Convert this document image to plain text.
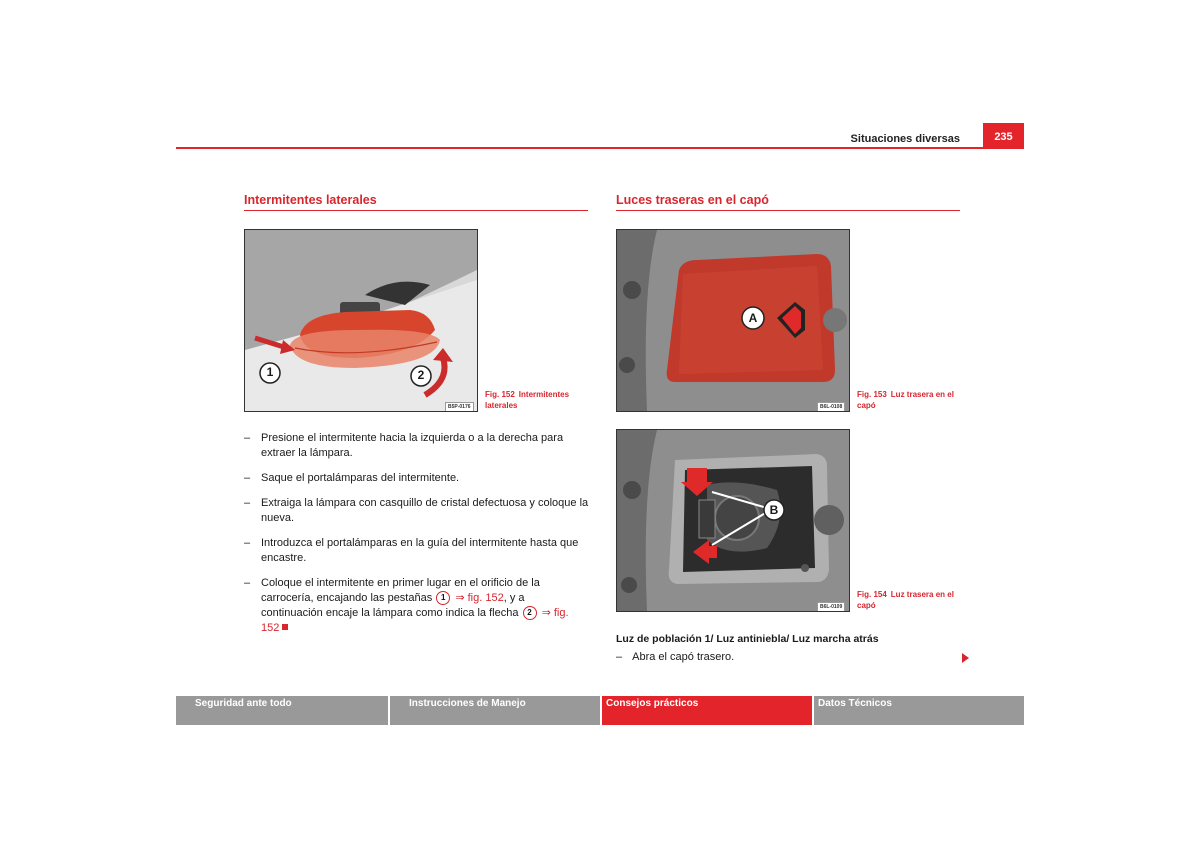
Situaciones diversas	235
Intermitentes laterales
1	2
B5P-0176
Fig. 152 Intermitentes laterales
– Presione el intermitente hacia la izquierda o a la derecha para extraer la lámpara.
– Saque el portalámparas del intermitente.
– Extraiga la lámpara con casquillo de cristal defectuosa y coloque la nueva.
– Introduzca el portalámparas en la guía del intermitente hasta que encastre.
– Coloque el intermitente en primer lugar en el orificio de la carrocería, encajando las pestañas 1 ⇒ fig. 152, y a continuación encaje la lámpara como indica la flecha 2 ⇒ fig. 152
Luces traseras en el capó
A
B6L-0108
Fig. 153 Luz trasera en el capó
B
B6L-0109
Fig. 154 Luz trasera en el capó
Luz de población 1/ Luz antiniebla/ Luz marcha atrás
– Abra el capó trasero.
Seguridad ante todo	Instrucciones de Manejo	Consejos prácticos	Datos Técnicos
